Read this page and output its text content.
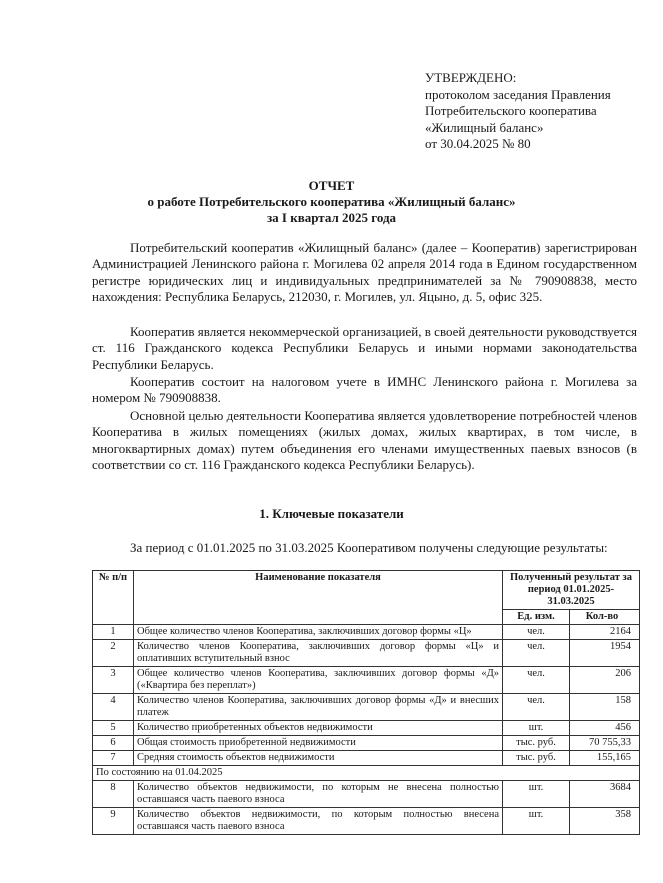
УТВЕРЖДЕНО:
протоколом заседания Правления
Потребительского кооператива
«Жилищный баланс»
от 30.04.2025 № 80
ОТЧЕТ
о работе Потребительского кооператива «Жилищный баланс»
за I квартал 2025 года
Потребительский кооператив «Жилищный баланс» (далее – Кооператив) зарегистрирован Администрацией Ленинского района г. Могилева 02 апреля 2014 года в Едином государственном регистре юридических лиц и индивидуальных предпринимателей за № 790908838, место нахождения: Республика Беларусь, 212030, г. Могилев, ул. Яцыно, д. 5, офис 325.
Кооператив является некоммерческой организацией, в своей деятельности руководствуется ст. 116 Гражданского кодекса Республики Беларусь и иными нормами законодательства Республики Беларусь.
Кооператив состоит на налоговом учете в ИМНС Ленинского района г. Могилева за номером № 790908838.
Основной целью деятельности Кооператива является удовлетворение потребностей членов Кооператива в жилых помещениях (жилых домах, жилых квартирах, в том числе, в многоквартирных домах) путем объединения его членами имущественных паевых взносов (в соответствии со ст. 116 Гражданского кодекса Республики Беларусь).
1. Ключевые показатели
За период с 01.01.2025 по 31.03.2025 Кооперативом получены следующие результаты:
№ п/п	Наименование показателя	Полученный результат за период 01.01.2025-31.03.2025	
		Ед. изм.	Кол-во
1	Общее количество членов Кооператива, заключивших договор формы «Ц»	чел.	2164
2	Количество членов Кооператива, заключивших договор формы «Ц» и оплативших вступительный взнос	чел.	1954
3	Общее количество членов Кооператива, заключивших договор формы «Д» («Квартира без переплат»)	чел.	206
4	Количество членов Кооператива, заключивших договор формы «Д» и внесших платеж	чел.	158
5	Количество приобретенных объектов недвижимости	шт.	456
6	Общая стоимость приобретенной недвижимости	тыс. руб.	70 755,33
7	Средняя стоимость объектов недвижимости	тыс. руб.	155,165
По состоянию на 01.04.2025			
8	Количество объектов недвижимости, по которым не внесена полностью оставшаяся часть паевого взноса	шт.	3684
9	Количество объектов недвижимости, по которым полностью внесена оставшаяся часть паевого взноса	шт.	358
